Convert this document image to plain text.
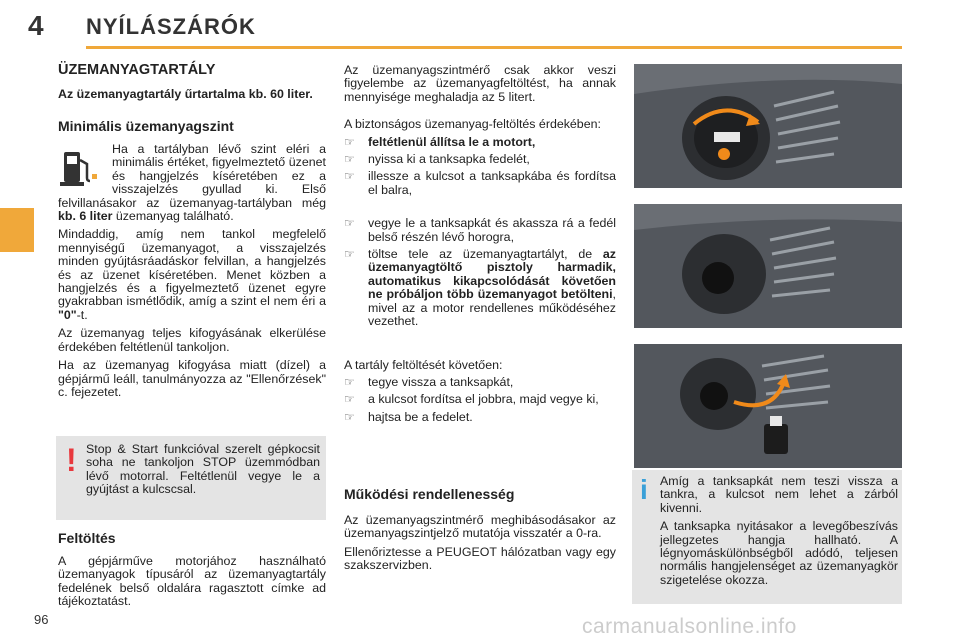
4 NYÍLÁSZÁRÓK
ÜZEMANYAGTARTÁLY
Az üzemanyagtartály űrtartalma kb. 60 liter.
Minimális üzemanyagszint
Ha a tartályban lévő szint eléri a minimális értéket, figyelmeztető üzenet és hangjelzés kíséretében ez a visszajelzés gyullad ki. Első felvillanásakor az üzemanyag-tartályban még kb. 6 liter üzemanyag található.

Mindaddig, amíg nem tankol megfelelő mennyiségű üzemanyagot, a visszajelzés minden gyújtásráadáskor felvillan, a hangjelzés és az üzenet kíséretében. Menet közben a hangjelzés és a figyelmeztető üzenet egyre gyakrabban ismétlődik, amíg a szint el nem éri a "0"-t.

Az üzemanyag teljes kifogyásának elkerülése érdekében feltétlenül tankoljon.

Ha az üzemanyag kifogyása miatt (dízel) a gépjármű leáll, tanulmányozza az "Ellenőrzések" c. fejezetet.

! Stop & Start funkcióval szerelt gépkocsit soha ne tankoljon STOP üzemmódban lévő motorral. Feltétlenül vegye le a gyújtást a kulcscsal.
Feltöltés
A gépjárműve motorjához használható üzemanyagok típusáról az üzemanyagtartály fedelének belső oldalára ragasztott címke ad tájékoztatást.

Az üzemanyagszintmérő csak akkor veszi figyelembe az üzemanyagfeltöltést, ha annak mennyisége meghaladja az 5 litert.

A biztonságos üzemanyag-feltöltés érdekében:

☞ feltétlenül állítsa le a motort,
☞ nyissa ki a tanksapka fedelét,
☞ illessze a kulcsot a tanksapkába és fordítsa el balra,
☞ vegye le a tanksapkát és akassza rá a fedél belső részén lévő horogra,
☞ töltse tele az üzemanyagtartályt, de az üzemanyagtöltő pisztoly harmadik, automatikus kikapcsolódását követően ne próbáljon több üzemanyagot betölteni, mivel az a motor rendellenes működéséhez vezethet.

A tartály feltöltését követően:

☞ tegye vissza a tanksapkát,
☞ a kulcsot fordítsa el jobbra, majd vegye ki,
☞ hajtsa be a fedelet.
Működési rendellenesség

Az üzemanyagszintmérő meghibásodásakor az üzemanyagszintjelző mutatója visszatér a 0-ra.

Ellenőriztesse a PEUGEOT hálózatban vagy egy szakszervizben.

i Amíg a tanksapkát nem teszi vissza a tankra, a kulcsot nem lehet a zárból kivenni.

A tanksapka nyitásakor a levegőbeszívás jellegzetes hangja hallható. A légnyomáskülönbségből adódó, teljesen normális hangjelenséget az üzemanyagkör szigetelése okozza.

96	carmanualsonline.info
